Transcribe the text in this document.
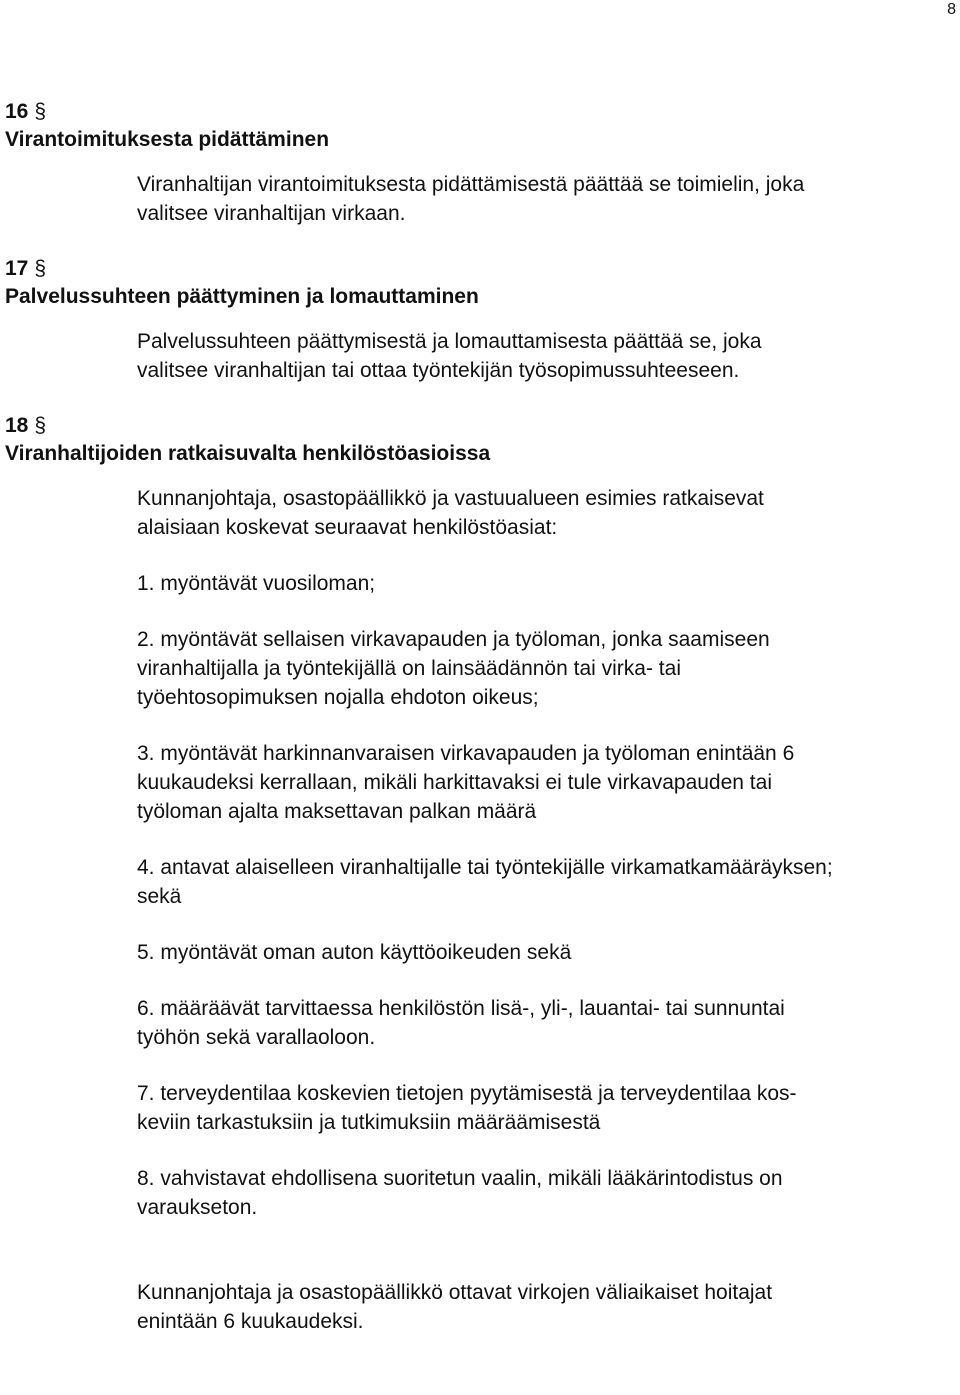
8
16 §
Virantoimituksesta pidättäminen
Viranhaltijan virantoimituksesta pidättämisestä päättää se toimielin, joka
valitsee viranhaltijan virkaan.
17 §
Palvelussuhteen päättyminen ja lomauttaminen
Palvelussuhteen päättymisestä ja lomauttamisesta päättää se, joka
valitsee viranhaltijan tai ottaa työntekijän työsopimussuhteeseen.
18 §
Viranhaltijoiden ratkaisuvalta henkilöstöasioissa
Kunnanjohtaja, osastopäällikkö ja vastuualueen esimies ratkaisevat
alaisiaan koskevat seuraavat henkilöstöasiat:
1. myöntävät vuosiloman;
2. myöntävät sellaisen virkavapauden ja työloman, jonka saamiseen
viranhaltijalla ja työntekijällä on lainsäädännön tai virka- tai
työehtosopimuksen nojalla ehdoton oikeus;
3. myöntävät harkinnanvaraisen virkavapauden ja työloman enintään 6
kuukaudeksi kerrallaan, mikäli harkittavaksi ei tule virkavapauden tai
työloman ajalta maksettavan palkan määrä
4. antavat alaiselleen viranhaltijalle tai työntekijälle virkamatkamääräyksen;
sekä
5. myöntävät oman auton käyttöoikeuden sekä
6. määräävät tarvittaessa henkilöstön lisä-, yli-, lauantai- tai sunnuntai
työhön sekä varallaoloon.
7. terveydentilaa koskevien tietojen pyytämisestä ja terveydentilaa kos-
keviin tarkastuksiin ja tutkimuksiin määräämisestä
8. vahvistavat ehdollisena suoritetun vaalin, mikäli lääkärintodistus on
varaukseton.
Kunnanjohtaja ja osastopäällikkö ottavat virkojen väliaikaiset hoitajat
enintään 6 kuukaudeksi.
